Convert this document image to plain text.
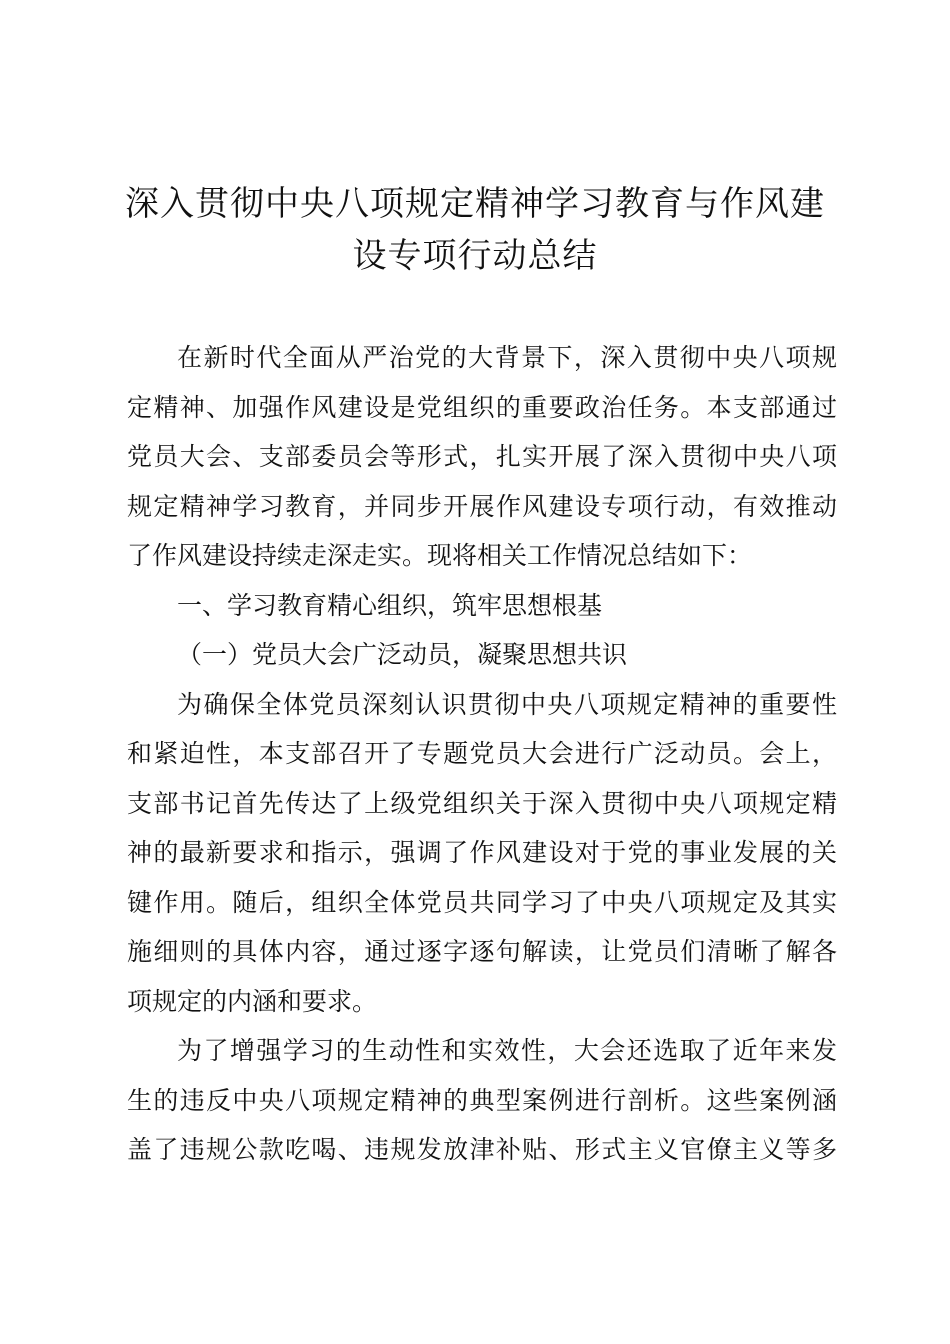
深入贯彻中央八项规定精神学习教育与作风建
设专项行动总结

在新时代全面从严治党的大背景下，深入贯彻中央八项规
定精神、加强作风建设是党组织的重要政治任务。本支部通过
党员大会、支部委员会等形式，扎实开展了深入贯彻中央八项
规定精神学习教育，并同步开展作风建设专项行动，有效推动
了作风建设持续走深走实。现将相关工作情况总结如下：

一、学习教育精心组织，筑牢思想根基

（一）党员大会广泛动员，凝聚思想共识

为确保全体党员深刻认识贯彻中央八项规定精神的重要性
和紧迫性，本支部召开了专题党员大会进行广泛动员。会上，
支部书记首先传达了上级党组织关于深入贯彻中央八项规定精
神的最新要求和指示，强调了作风建设对于党的事业发展的关
键作用。随后，组织全体党员共同学习了中央八项规定及其实
施细则的具体内容，通过逐字逐句解读，让党员们清晰了解各
项规定的内涵和要求。

为了增强学习的生动性和实效性，大会还选取了近年来发
生的违反中央八项规定精神的典型案例进行剖析。这些案例涵
盖了违规公款吃喝、违规发放津补贴、形式主义官僚主义等多
